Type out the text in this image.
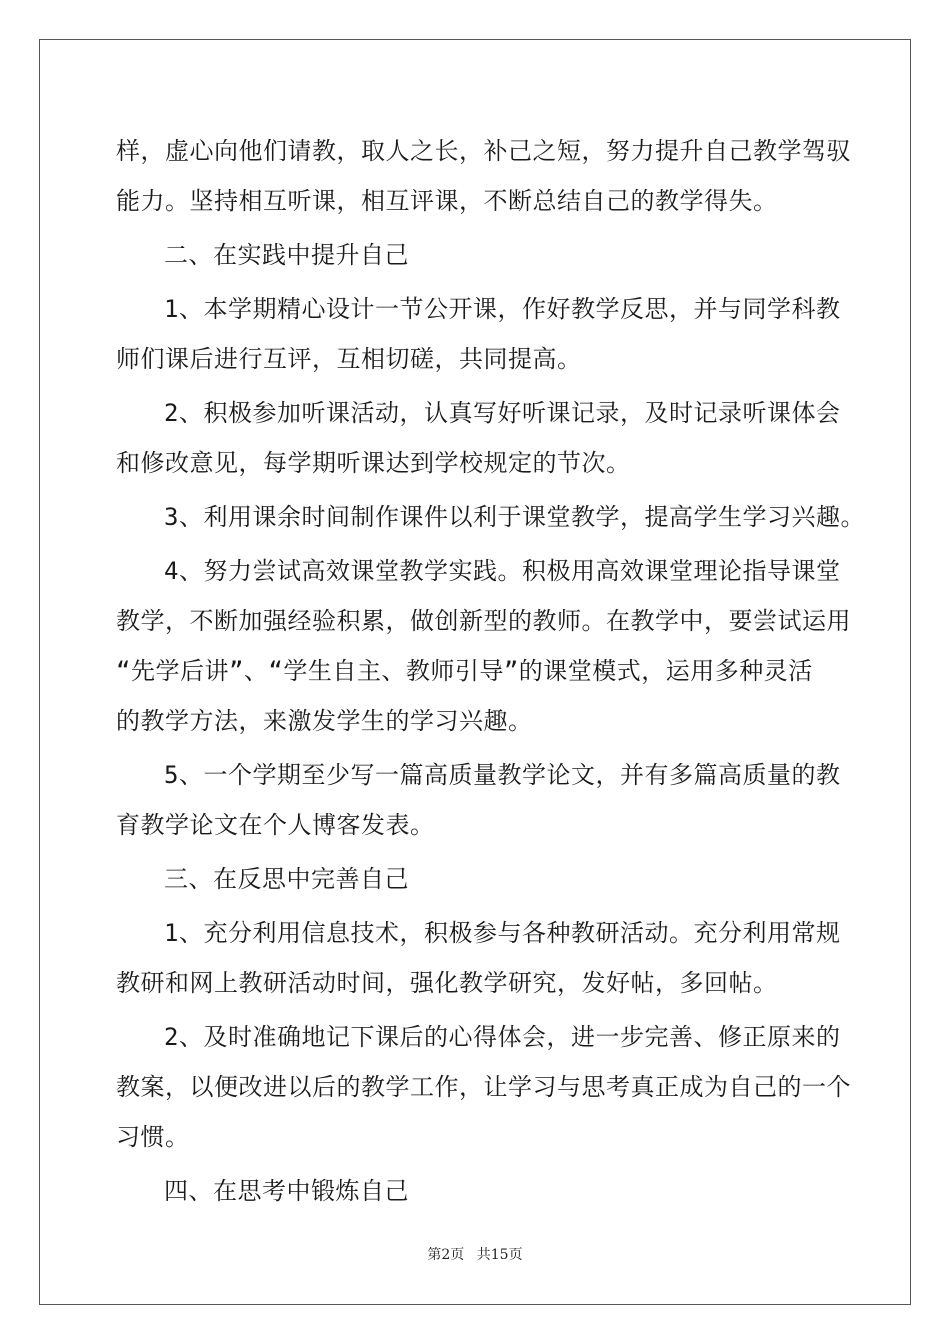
样，虚心向他们请教，取人之长，补己之短，努力提升自己教学驾驭
能力。坚持相互听课，相互评课，不断总结自己的教学得失。
二、在实践中提升自己
1、本学期精心设计一节公开课，作好教学反思，并与同学科教
师们课后进行互评，互相切磋，共同提高。
2、积极参加听课活动，认真写好听课记录，及时记录听课体会
和修改意见，每学期听课达到学校规定的节次。
3、利用课余时间制作课件以利于课堂教学，提高学生学习兴趣。
4、努力尝试高效课堂教学实践。积极用高效课堂理论指导课堂
教学，不断加强经验积累，做创新型的教师。在教学中，要尝试运用
“先学后讲”、“学生自主、教师引导”的课堂模式，运用多种灵活
的教学方法，来激发学生的学习兴趣。
5、一个学期至少写一篇高质量教学论文，并有多篇高质量的教
育教学论文在个人博客发表。
三、在反思中完善自己
1、充分利用信息技术，积极参与各种教研活动。充分利用常规
教研和网上教研活动时间，强化教学研究，发好帖，多回帖。
2、及时准确地记下课后的心得体会，进一步完善、修正原来的
教案，以便改进以后的教学工作，让学习与思考真正成为自己的一个
习惯。
四、在思考中锻炼自己
第2页 共15页
